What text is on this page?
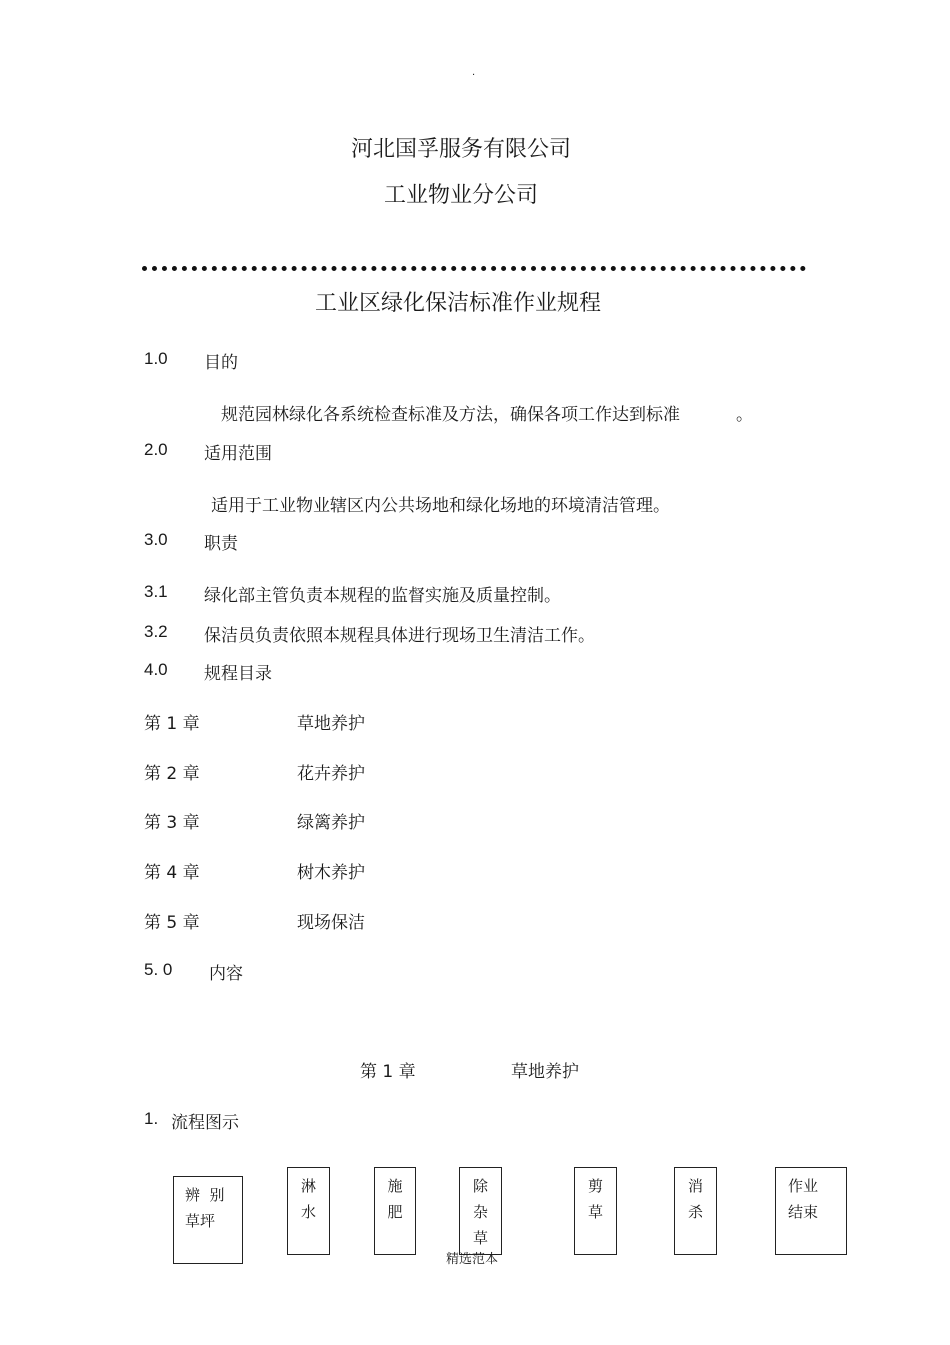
·
河北国孚服务有限公司
工业物业分公司
工业区绿化保洁标准作业规程
1.0 目的
规范园林绿化各系统检查标准及方法，确保各项工作达到标准	。
2.0 适用范围
适用于工业物业辖区内公共场地和绿化场地的环境清洁管理。
3.0 职责
3.1 绿化部主管负责本规程的监督实施及质量控制。
3.2 保洁员负责依照本规程具体进行现场卫生清洁工作。
4.0 规程目录
第 1 章	草地养护
第 2 章	花卉养护
第 3 章	绿篱养护
第 4 章	树木养护
第 5 章	现场保洁
5. 0 内容
第 1 章	草地养护
1. 流程图示
辨  别
草坪
淋
水
施
肥
除
杂
草
剪
草
消
杀
作业
结束
精选范本
